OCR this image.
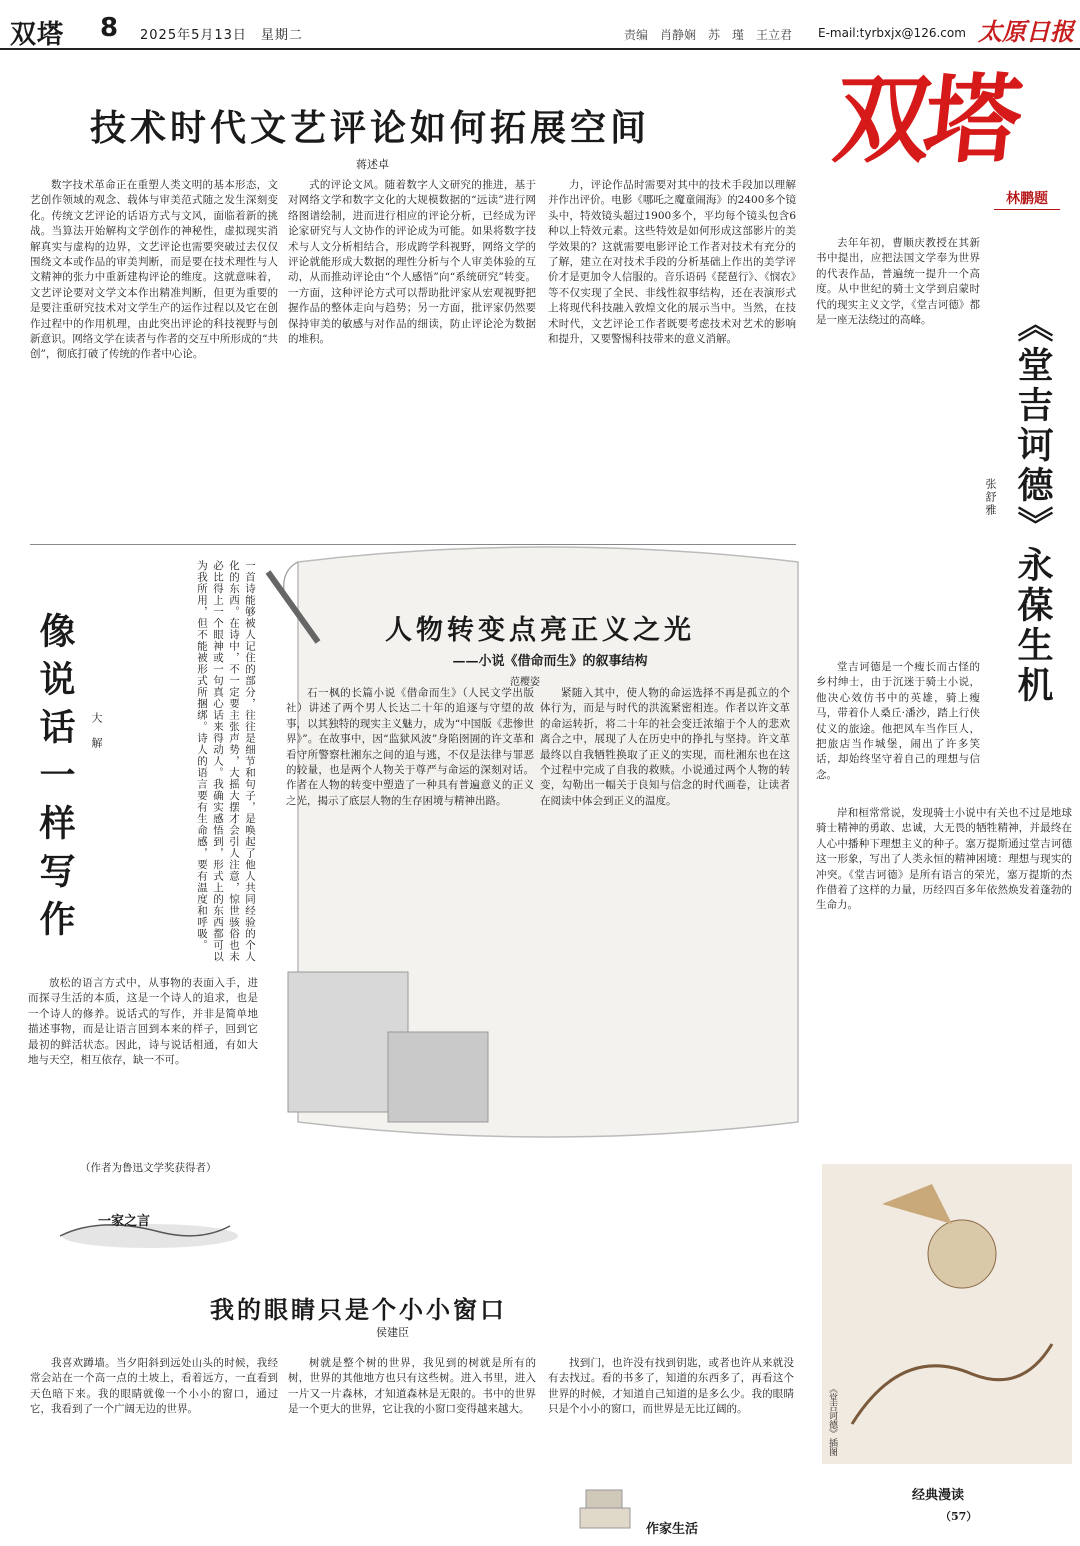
双塔 8 2025年5月13日　星期二	责编　肖静娴　苏　瑾　王立君 E-mail:tyrbxjx@126.com 太原日报
双塔
林鹏题
技术时代文艺评论如何拓展空间
蒋述卓

数字技术革命正在重塑人类文明的基本形态，文艺创作领域的观念、载体与审美范式随之发生深刻变化。传统文艺评论的话语方式与文风，面临着新的挑战。当算法开始解构文学创作的神秘性，虚拟现实消解真实与虚构的边界，文艺评论也需要突破过去仅仅围绕文本或作品的审美判断，而是要在技术理性与人文精神的张力中重新建构评论的维度。这就意味着，文艺评论要对文学文本作出精准判断，但更为重要的是要注重研究技术对文学生产的运作过程以及它在创作过程中的作用机理，由此突出评论的科技视野与创新意识。网络文学在读者与作者的交互中所形成的“共创”，彻底打破了传统的作者中心论。

式的评论文风。随着数字人文研究的推进，基于对网络文学和数字文化的大规模数据的“远读”进行网络图谱绘制，进而进行相应的评论分析，已经成为评论家研究与人文协作的评论成为可能。如果将数字技术与人文分析相结合，形成跨学科视野，网络文学的评论就能形成大数据的理性分析与个人审美体验的互动，从而推动评论由“个人感悟”向“系统研究”转变。一方面，这种评论方式可以帮助批评家从宏观视野把握作品的整体走向与趋势；另一方面，批评家仍然要保持审美的敏感与对作品的细读，防止评论沦为数据的堆积。

力，评论作品时需要对其中的技术手段加以理解并作出评价。电影《哪吒之魔童闹海》的2400多个镜头中，特效镜头超过1900多个，平均每个镜头包含6种以上特效元素。这些特效是如何形成这部影片的美学效果的？这就需要电影评论工作者对技术有充分的了解，建立在对技术手段的分析基础上作出的美学评价才是更加令人信服的。音乐语码《琵琶行》、《悯农》等不仅实现了全民、非线性叙事结构，还在表演形式上将现代科技融入敦煌文化的展示当中。当然，在技术时代，文艺评论工作者既要考虑技术对艺术的影响和提升，又要警惕科技带来的意义消解。

像说话一样写作	大解	一首诗能够被人记住的部分，往往是细节和句子，是唤起了他人共同经验的个人化的东西。在诗中，不一定要主张声势，大摇大摆才会引人注意，惊世骇俗也未必比得上一个眼神或一句真心话来得动人。我确实感悟到，形式上的东西都可以为我所用，但不能被形式所捆绑。诗人的语言要有生命感，要有温度和呼吸。

放松的语言方式中，从事物的表面入手，进而探寻生活的本质，这是一个诗人的追求，也是一个诗人的修养。说话式的写作，并非是简单地描述事物，而是让语言回到本来的样子，回到它最初的鲜活状态。因此，诗与说话相通，有如大地与天空，相互依存，缺一不可。

（作者为鲁迅文学奖获得者）
一家之言
人物转变点亮正义之光
——小说《借命而生》的叙事结构
范樱姿

石一枫的长篇小说《借命而生》（人民文学出版社）讲述了两个男人长达二十年的追逐与守望的故事，以其独特的现实主义魅力，成为“中国版《悲惨世界》”。在故事中，因“监狱风波”身陷囹圄的许文革和看守所警察杜湘东之间的追与逃，不仅是法律与罪恶的较量，也是两个人物关于尊严与命运的深刻对话。作者在人物的转变中塑造了一种具有普遍意义的正义之光，揭示了底层人物的生存困境与精神出路。

紧随入其中，使人物的命运选择不再是孤立的个体行为，而是与时代的洪流紧密相连。作者以许文革的命运转折，将二十年的社会变迁浓缩于个人的悲欢离合之中，展现了人在历史中的挣扎与坚持。许文革最终以自我牺牲换取了正义的实现，而杜湘东也在这个过程中完成了自我的救赎。小说通过两个人物的转变，勾勒出一幅关于良知与信念的时代画卷，让读者在阅读中体会到正义的温度。

《堂吉诃德》永葆生机
张舒雅

去年年初，曹顺庆教授在其新书中提出，应把法国文学奉为世界的代表作品，普遍统一提升一个高度。从中世纪的骑士文学到启蒙时代的现实主义文学，《堂吉诃德》都是一座无法绕过的高峰。

堂吉诃德是一个瘦长而古怪的乡村绅士，由于沉迷于骑士小说，他决心效仿书中的英雄，骑上瘦马，带着仆人桑丘·潘沙，踏上行侠仗义的旅途。他把风车当作巨人，把旅店当作城堡，闹出了许多笑话，却始终坚守着自己的理想与信念。

岸和桓常常说，发现骑士小说中有关也不过是地球骑士精神的勇敢、忠诚，大无畏的牺牲精神，并最终在人心中播种下理想主义的种子。塞万提斯通过堂吉诃德这一形象，写出了人类永恒的精神困境：理想与现实的冲突。《堂吉诃德》是所有语言的荣光，塞万提斯的杰作借着了这样的力量，历经四百多年依然焕发着蓬勃的生命力。

《堂吉诃德》插图
经典漫读
（57）
我的眼睛只是个小小窗口
侯建臣

我喜欢蹲墙。当夕阳斜到远处山头的时候，我经常会站在一个高一点的土坡上，看着远方，一直看到天色暗下来。我的眼睛就像一个小小的窗口，通过它，我看到了一个广阔无边的世界。

树就是整个树的世界，我见到的树就是所有的树，世界的其他地方也只有这些树。进入书里，进入一片又一片森林，才知道森林是无限的。书中的世界是一个更大的世界，它让我的小窗口变得越来越大。

找到门，也许没有找到钥匙，或者也许从来就没有去找过。看的书多了，知道的东西多了，再看这个世界的时候，才知道自己知道的是多么少。我的眼睛只是个小小的窗口，而世界是无比辽阔的。

作家生活
